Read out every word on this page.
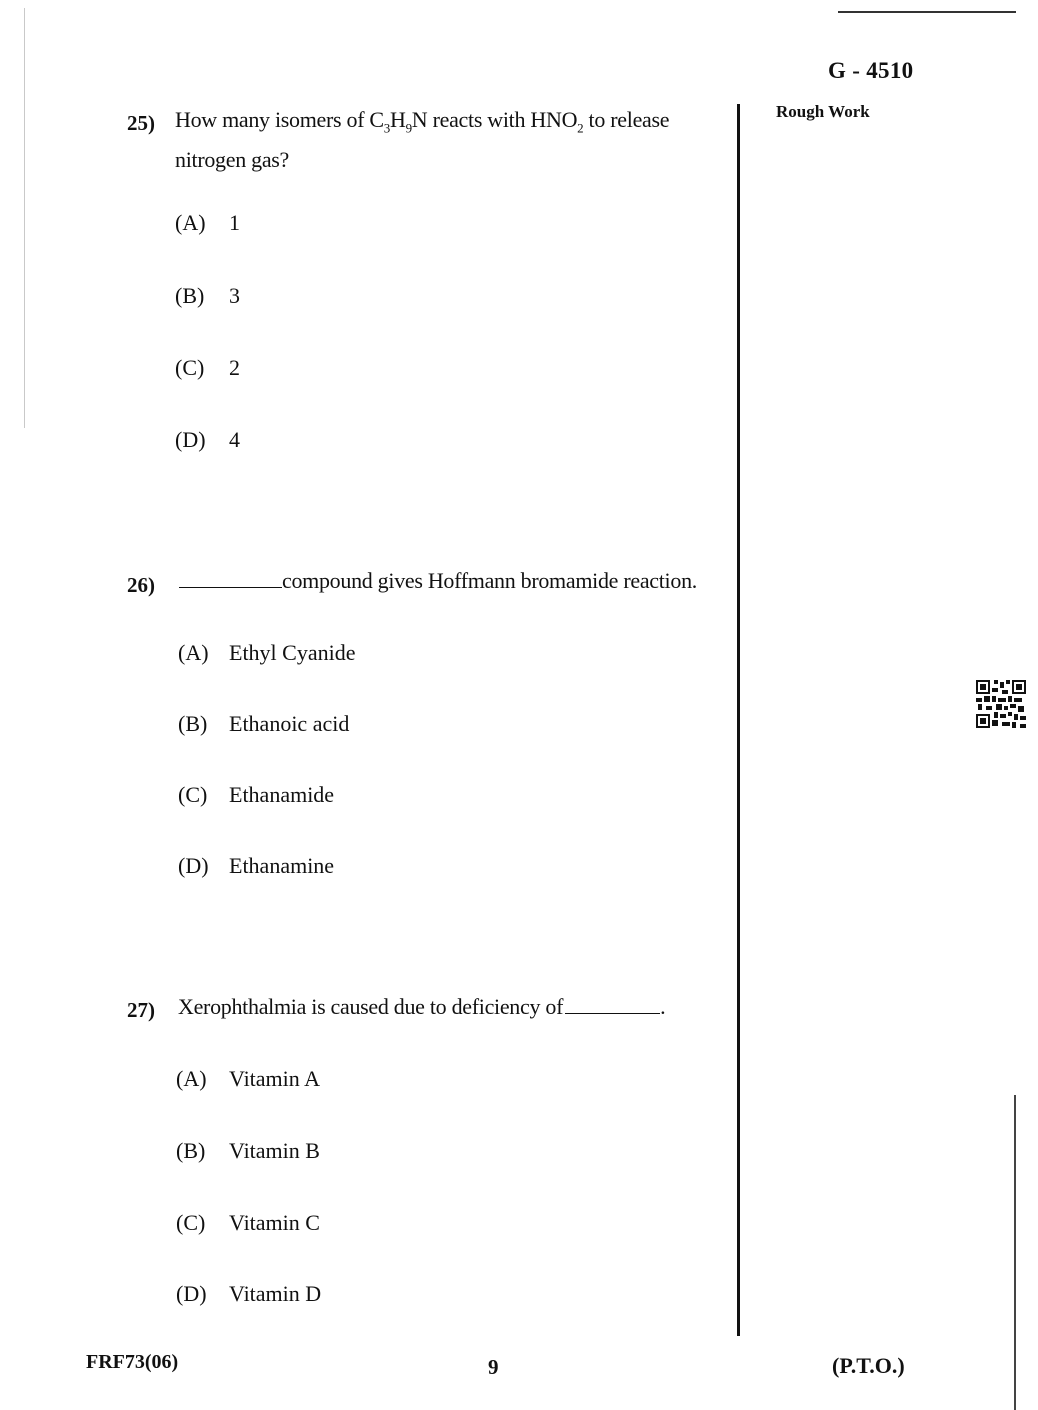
G - 4510
Rough Work
25) How many isomers of $C_3H_9N$ reacts with $HNO_2$ to release nitrogen gas?
(A) 1
(B) 3
(C) 2
(D) 4
26)	compound gives Hoffmann bromamide reaction.
(A) Ethyl Cyanide
(B) Ethanoic acid
(C) Ethanamide
(D) Ethanamine
27) Xerophthalmia is caused due to deficiency of	.
(A) Vitamin A
(B) Vitamin B
(C) Vitamin C
(D) Vitamin D
FRF73(06)	9	(P.T.O.)
